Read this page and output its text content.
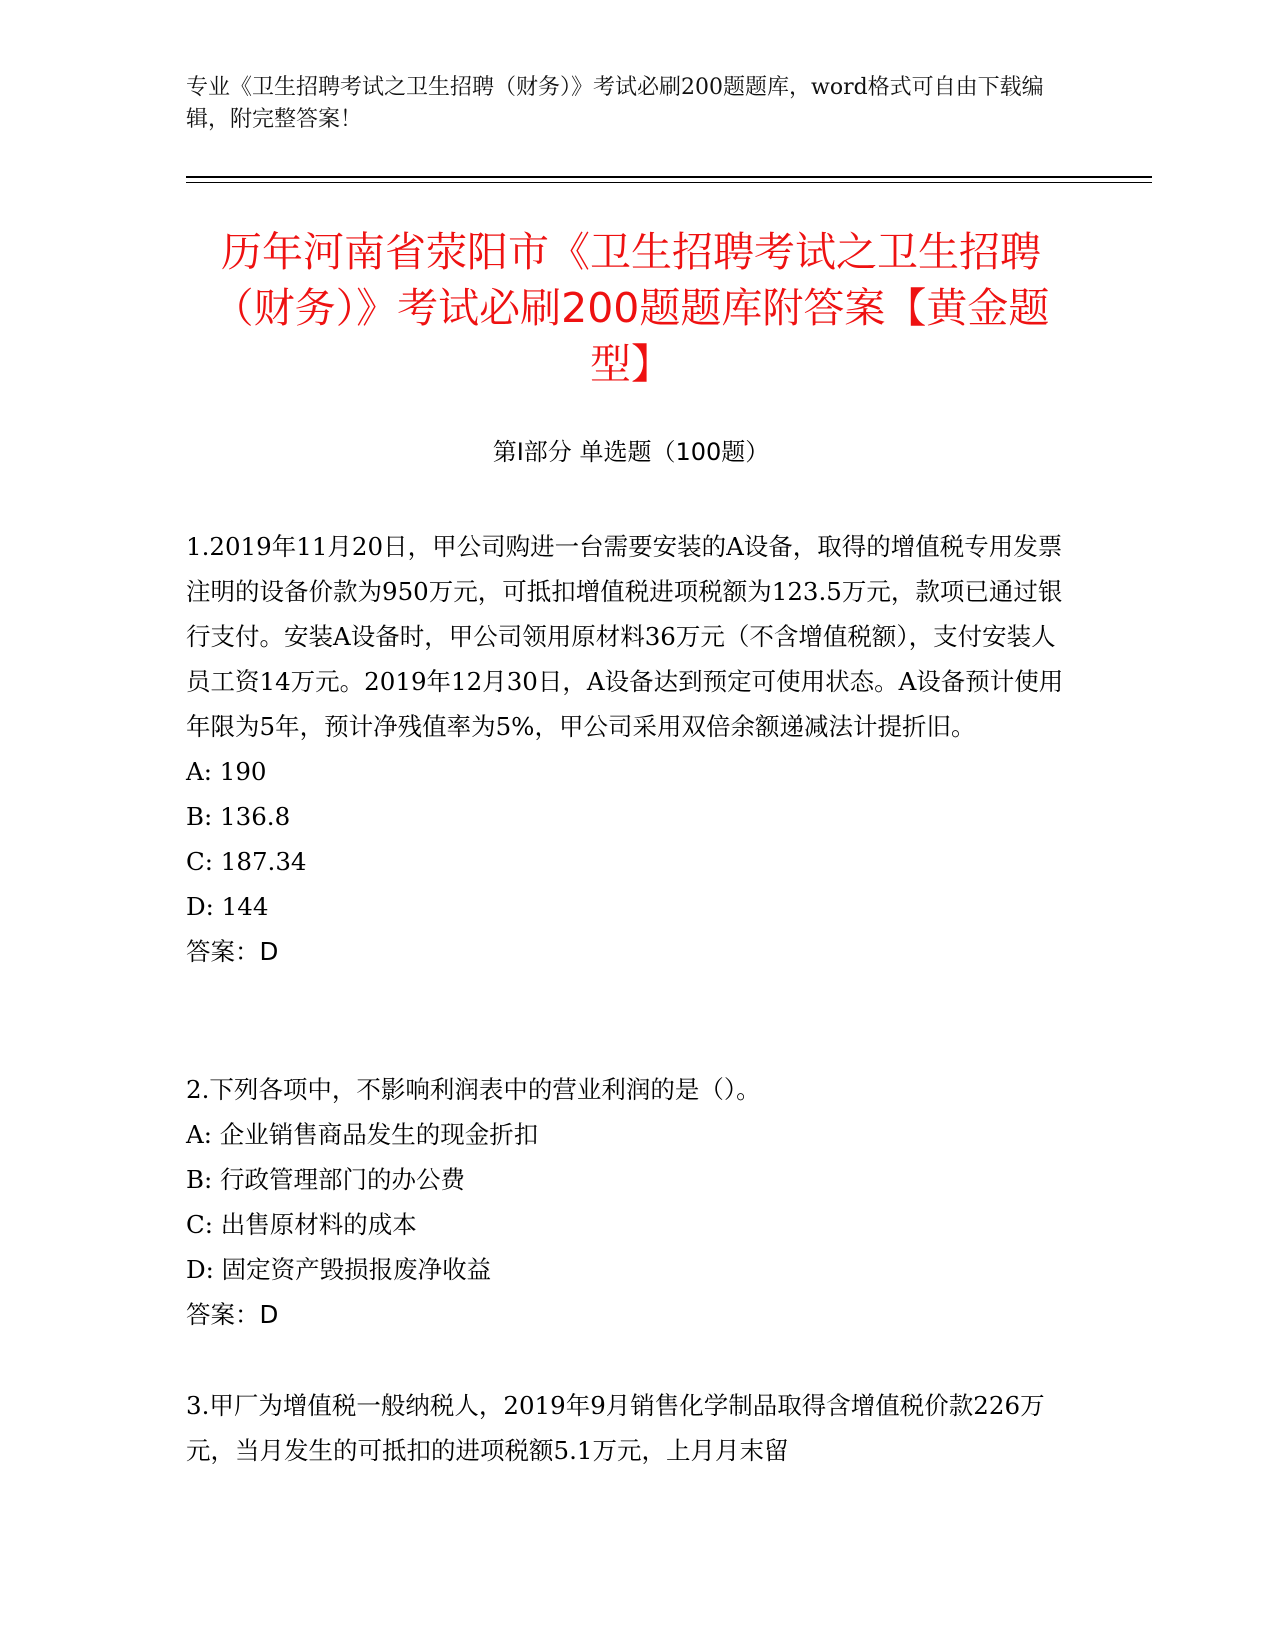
专业《卫生招聘考试之卫生招聘（财务）》考试必刷200题题库，word格式可自由下载编辑，附完整答案！
历年河南省荥阳市《卫生招聘考试之卫生招聘（财务）》考试必刷200题题库附答案【黄金题型】
第I部分 单选题（100题）

1.2019年11月20日，甲公司购进一台需要安装的A设备，取得的增值税专用发票注明的设备价款为950万元，可抵扣增值税进项税额为123.5万元，款项已通过银行支付。安装A设备时，甲公司领用原材料36万元（不含增值税额），支付安装人员工资14万元。2019年12月30日，A设备达到预定可使用状态。A设备预计使用年限为5年，预计净残值率为5%，甲公司采用双倍余额递减法计提折旧。

A: 190
B: 136.8
C: 187.34
D: 144
答案：D

2.下列各项中，不影响利润表中的营业利润的是（）。

A: 企业销售商品发生的现金折扣
B: 行政管理部门的办公费
C: 出售原材料的成本
D: 固定资产毁损报废净收益
答案：D

3.甲厂为增值税一般纳税人，2019年9月销售化学制品取得含增值税价款226万元，当月发生的可抵扣的进项税额5.1万元，上月月末留
